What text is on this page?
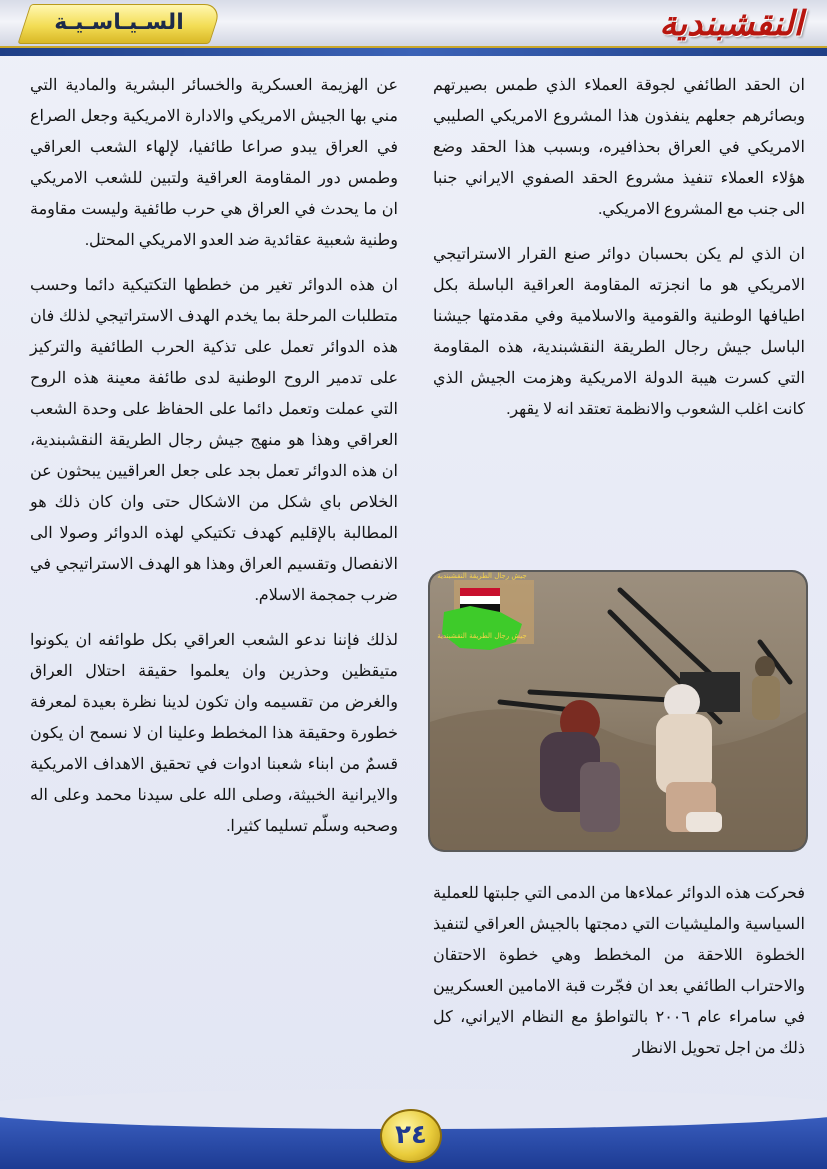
السـيـاسـيـة	النقشبندية

ان الحقد الطائفي لجوقة العملاء الذي طمس بصيرتهم وبصائرهم جعلهم ينفذون هذا المشروع الامريكي الصليبي الامريكي في العراق بحذافيره، وبسبب هذا الحقد وضع هؤلاء العملاء تنفيذ مشروع الحقد الصفوي الايراني جنبا الى جنب مع المشروع الامريكي.

ان الذي لم يكن بحسبان دوائر صنع القرار الاستراتيجي الامريكي هو ما انجزته المقاومة العراقية الباسلة بكل اطيافها الوطنية والقومية والاسلامية وفي مقدمتها جيشنا الباسل جيش رجال الطريقة النقشبندية، هذه المقاومة التي كسرت هيبة الدولة الامريكية وهزمت الجيش الذي كانت اغلب الشعوب والانظمة تعتقد انه لا يقهر.

جيش رجال الطريقة النقشبندية
جيش رجال الطريقة النقشبندية

فحركت هذه الدوائر عملاءها من الدمى التي جلبتها للعملية السياسية والمليشيات التي دمجتها بالجيش العراقي لتنفيذ الخطوة اللاحقة من المخطط وهي خطوة الاحتقان والاحتراب الطائفي بعد ان فجّرت قبة الامامين العسكريين في سامراء عام ٢٠٠٦ بالتواطؤ مع النظام الايراني، كل ذلك من اجل تحويل الانظار

عن الهزيمة العسكرية والخسائر البشرية والمادية التي مني بها الجيش الامريكي والادارة الامريكية وجعل الصراع في العراق يبدو صراعا طائفيا، لإلهاء الشعب العراقي وطمس دور المقاومة العراقية ولتبين للشعب الامريكي ان ما يحدث في العراق هي حرب طائفية وليست مقاومة وطنية شعبية عقائدية ضد العدو الامريكي المحتل.

ان هذه الدوائر تغير من خططها التكتيكية دائما وحسب متطلبات المرحلة بما يخدم الهدف الاستراتيجي لذلك فان هذه الدوائر تعمل على تذكية الحرب الطائفية والتركيز على تدمير الروح الوطنية لدى طائفة معينة هذه الروح التي عملت وتعمل دائما على الحفاظ على وحدة الشعب العراقي وهذا هو منهج جيش رجال الطريقة النقشبندية، ان هذه الدوائر تعمل بجد على جعل العراقيين يبحثون عن الخلاص باي شكل من الاشكال حتى وان كان ذلك هو المطالبة بالإقليم كهدف تكتيكي لهذه الدوائر وصولا الى الانفصال وتقسيم العراق وهذا هو الهدف الاستراتيجي في ضرب جمجمة الاسلام.

لذلك فإننا ندعو الشعب العراقي بكل طوائفه ان يكونوا متيقظين وحذرين وان يعلموا حقيقة احتلال العراق والغرض من تقسيمه وان تكون لدينا نظرة بعيدة لمعرفة خطورة وحقيقة هذا المخطط وعلينا ان لا نسمح ان يكون قسمٌ من ابناء شعبنا ادوات في تحقيق الاهداف الامريكية والايرانية الخبيثة، وصلى الله على سيدنا محمد وعلى اله وصحبه وسلّم تسليما كثيرا.

٢٤
